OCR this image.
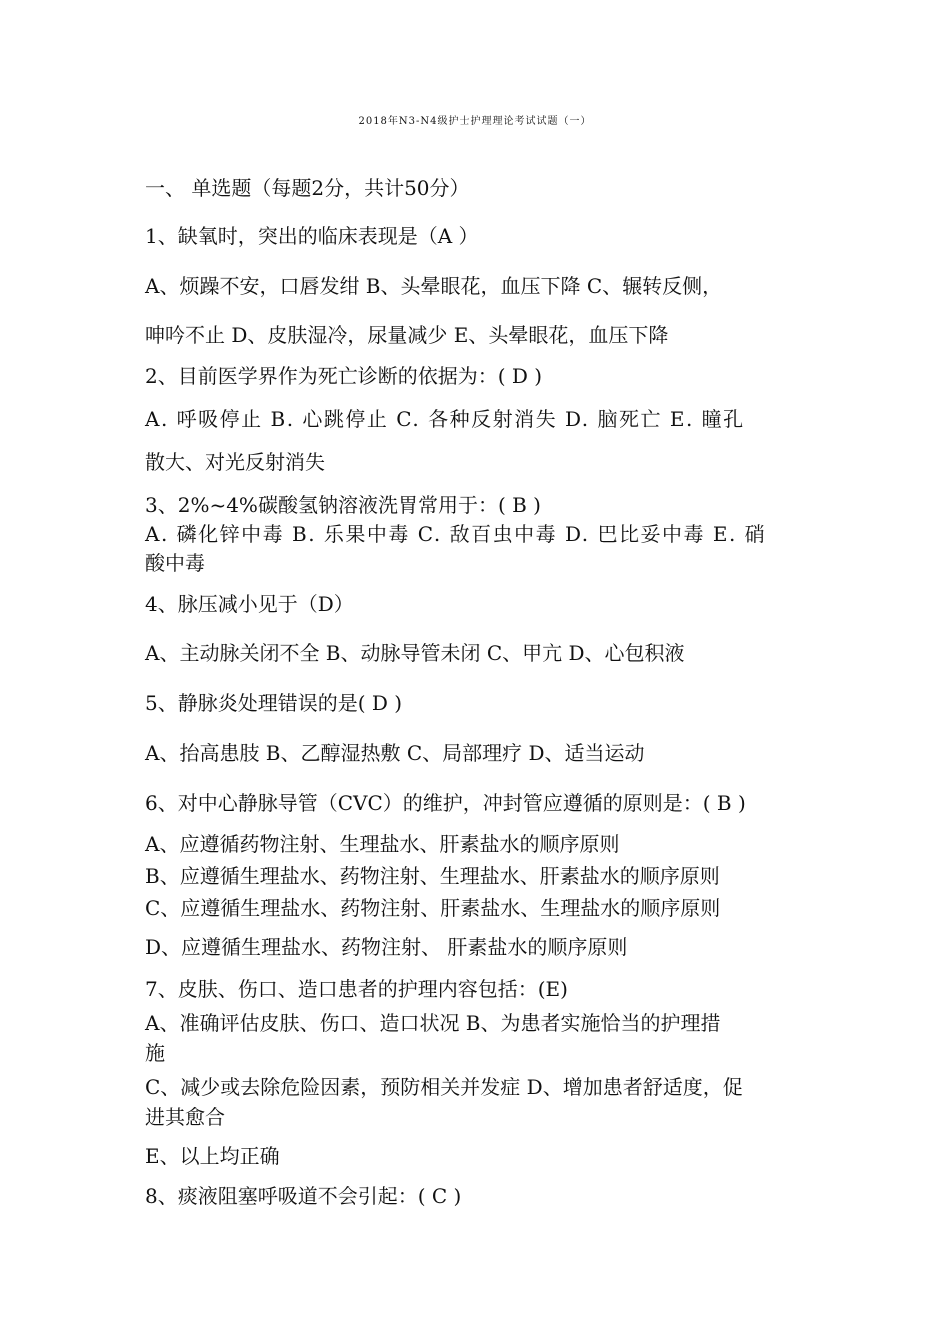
2018年N3-N4级护士护理理论考试试题（一）
一、 单选题（每题2分，共计50分）
1、缺氧时，突出的临床表现是（A ）
A、烦躁不安，口唇发绀 B、头晕眼花，血压下降 C、辗转反侧，
呻吟不止 D、皮肤湿冷，尿量减少 E、头晕眼花，血压下降
2、目前医学界作为死亡诊断的依据为：( D )
A. 呼吸停止 B. 心跳停止 C. 各种反射消失 D. 脑死亡 E. 瞳孔
散大、对光反射消失
3、2%~4%碳酸氢钠溶液洗胃常用于：( B )
A. 磷化锌中毒 B. 乐果中毒 C. 敌百虫中毒 D. 巴比妥中毒 E. 硝
酸中毒
4、脉压减小见于（D）
A、主动脉关闭不全 B、动脉导管未闭 C、甲亢 D、心包积液
5、静脉炎处理错误的是( D )
A、抬高患肢 B、乙醇湿热敷 C、局部理疗 D、适当运动
6、对中心静脉导管（CVC）的维护，冲封管应遵循的原则是：( B )
A、应遵循药物注射、生理盐水、肝素盐水的顺序原则
B、应遵循生理盐水、药物注射、生理盐水、肝素盐水的顺序原则
C、应遵循生理盐水、药物注射、肝素盐水、生理盐水的顺序原则
D、应遵循生理盐水、药物注射、 肝素盐水的顺序原则
7、皮肤、伤口、造口患者的护理内容包括：(E)
A、准确评估皮肤、伤口、造口状况 B、为患者实施恰当的护理措
施
C、减少或去除危险因素，预防相关并发症 D、增加患者舒适度，促
进其愈合
E、以上均正确
8、痰液阻塞呼吸道不会引起：( C )
